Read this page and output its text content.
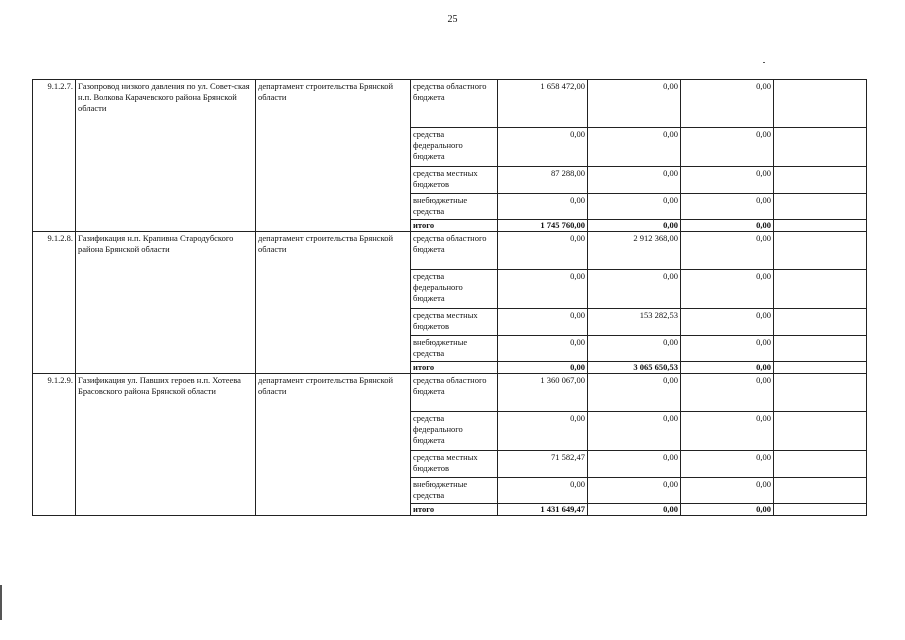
25
9.1.2.7.	Газопровод низкого давления по ул. Совет-ская н.п. Волкова Карачевского района Брянской области	департамент строительства Брянской области	средства областного бюджета	1 658 472,00	0,00	0,00	
			средства федерального бюджета	0,00	0,00	0,00	
			средства местных бюджетов	87 288,00	0,00	0,00	
			внебюджетные средства	0,00	0,00	0,00	
			итого	1 745 760,00	0,00	0,00	
9.1.2.8.	Газификация н.п. Крапивна Стародубского района Брянской области	департамент строительства Брянской области	средства областного бюджета	0,00	2 912 368,00	0,00	
			средства федерального бюджета	0,00	0,00	0,00	
			средства местных бюджетов	0,00	153 282,53	0,00	
			внебюджетные средства	0,00	0,00	0,00	
			итого	0,00	3 065 650,53	0,00	
9.1.2.9.	Газификация ул. Павших героев н.п. Хотеева Брасовского района Брянской области	департамент строительства Брянской области	средства областного бюджета	1 360 067,00	0,00	0,00	
			средства федерального бюджета	0,00	0,00	0,00	
			средства местных бюджетов	71 582,47	0,00	0,00	
			внебюджетные средства	0,00	0,00	0,00	
			итого	1 431 649,47	0,00	0,00	
